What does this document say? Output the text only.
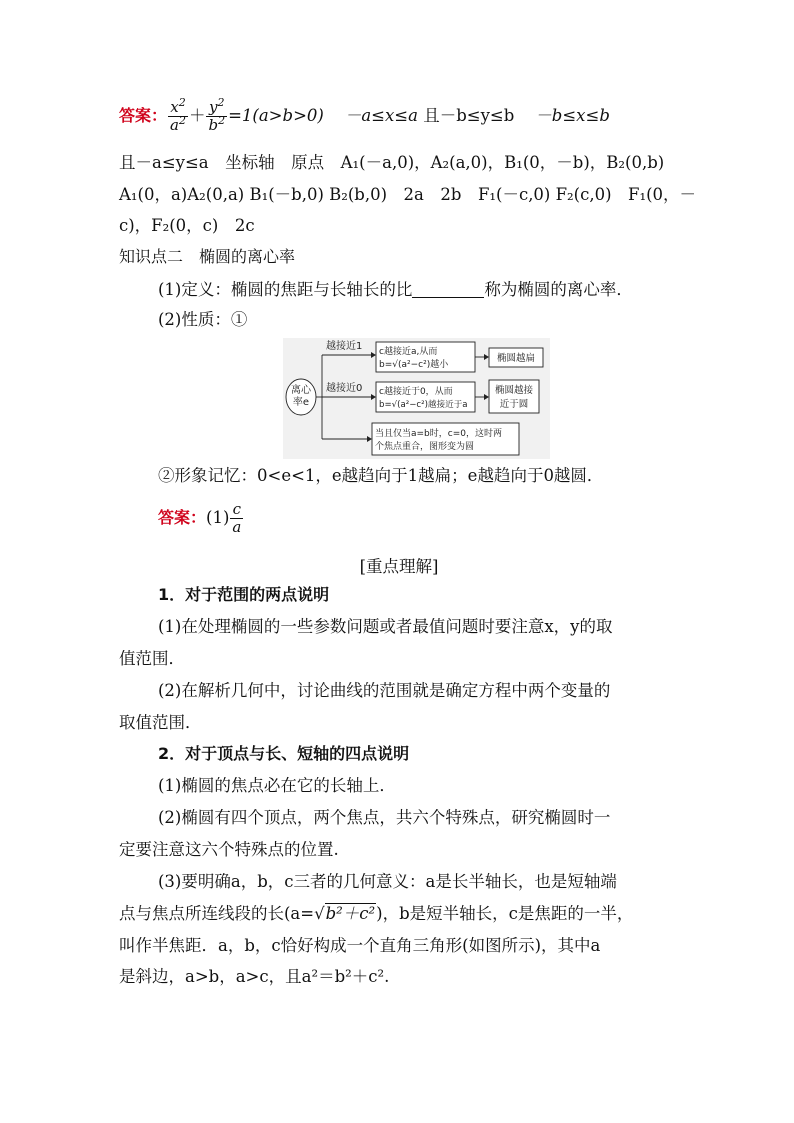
答案： $\frac{x^2}{a^2} + \frac{y^2}{b^2} =1(a>b>0) -a\le x\le a$ 且－b≤y≤b －b≤x≤b
且－a≤y≤a　坐标轴　原点　A₁(－a,0)，A₂(a,0)，B₁(0，－b)，B₂(0,b)
A₁(0，a)A₂(0,a) B₁(－b,0) B₂(b,0)　2a　2b　F₁(－c,0) F₂(c,0)　F₁(0，－
c)，F₂(0，c)　2c
知识点二　椭圆的离心率
(1)定义：椭圆的焦距与长轴长的比	称为椭圆的离心率．
(2)性质：①
离心
率e
越接近1
越接近0
c越接近a,从而
b=√(a²−c²)越小
c越接近于0，从而
b=√(a²−c²)越接近于a
当且仅当a=b时，c=0，这时两
个焦点重合，图形变为圆
椭圆越扁
椭圆越接
近于圆
②形象记忆：0<e<1，e越趋向于1越扁；e越趋向于0越圆．
答案：$(1) \frac{c}{a}$
[重点理解]
1．对于范围的两点说明
(1)在处理椭圆的一些参数问题或者最值问题时要注意x，y的取
值范围．
(2)在解析几何中，讨论曲线的范围就是确定方程中两个变量的
取值范围．
2．对于顶点与长、短轴的四点说明
(1)椭圆的焦点必在它的长轴上．
(2)椭圆有四个顶点，两个焦点，共六个特殊点，研究椭圆时一
定要注意这六个特殊点的位置.
(3)要明确a，b，c三者的几何意义：a是长半轴长，也是短轴端
点与焦点所连线段的长(a=√b²＋c²)，b是短半轴长，c是焦距的一半，
叫作半焦距．a，b，c恰好构成一个直角三角形(如图所示)，其中a
是斜边，a>b，a>c，且a²＝b²＋c².
